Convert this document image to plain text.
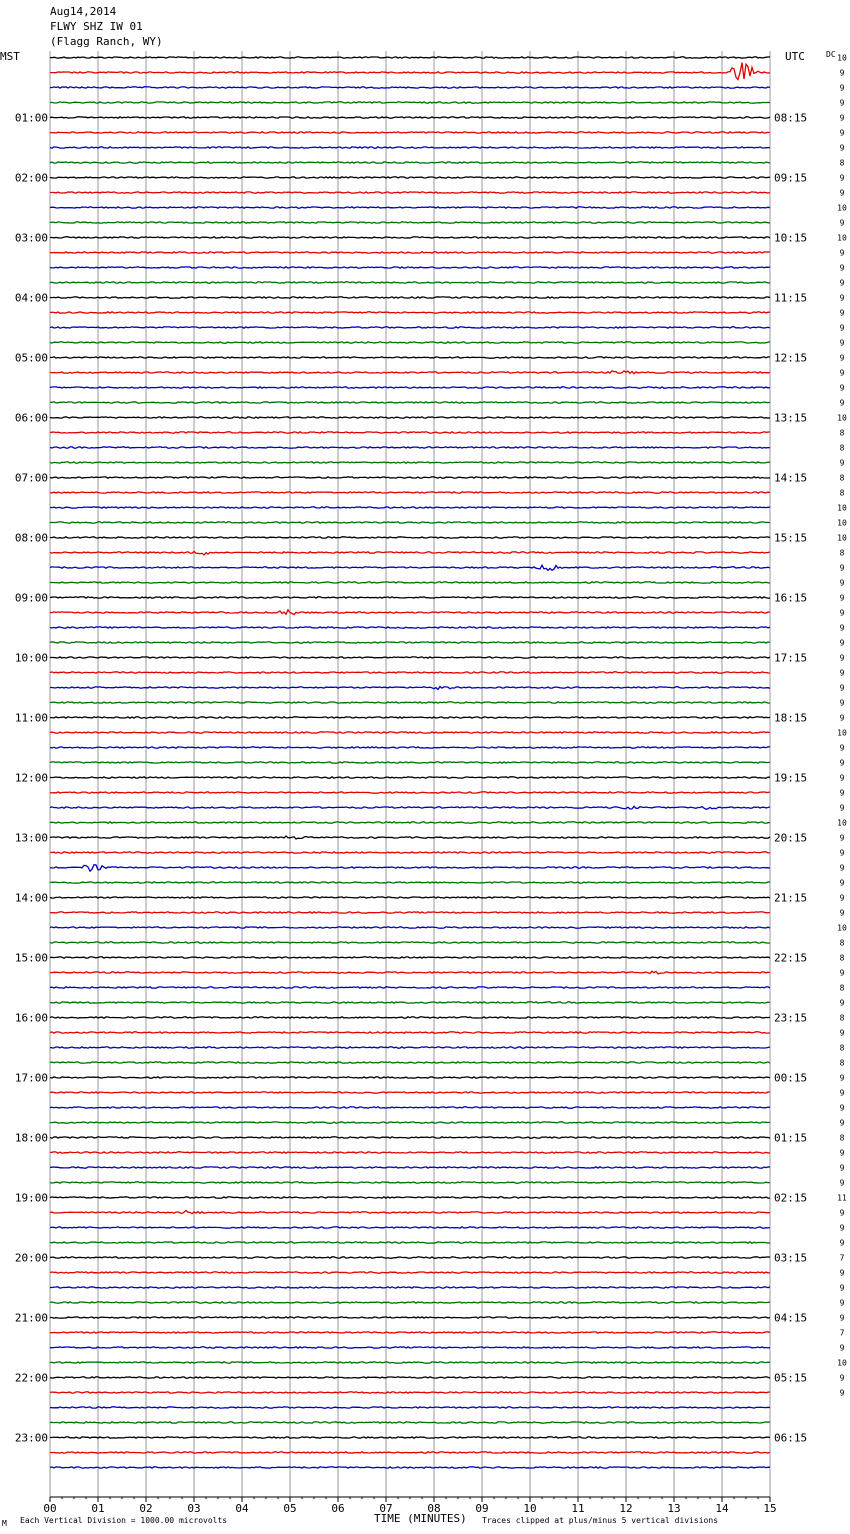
Aug14,2014
FLWY SHZ IW 01
(Flagg Ranch, WY)
MST	UTC	DC
00	01	02	03	04	05	06	07	08	09	10	11	12	13	14	15
01:00
02:00
03:00
04:00
05:00
06:00
07:00
08:00
09:00
10:00
11:00
12:00
13:00
14:00
15:00
16:00
17:00
18:00
19:00
20:00
21:00
22:00
23:00
08:15
09:15
10:15
11:15
12:15
13:15
14:15
15:15
16:15
17:15
18:15
19:15
20:15
21:15
22:15
23:15
00:15
01:15
02:15
03:15
04:15
05:15
06:15
10
9
9
9
9
9
9
8
9
9
10
9
10
9
9
9
9
9
9
9
9
9
9
9
10
8
8
9
8
8
10
10
10
8
9
9
9
9
9
9
9
9
9
9
9
10
9
9
9
9
9
10
9
9
9
9
9
9
10
8
8
9
8
9
8
9
8
8
9
9
9
9
8
9
9
9
11
9
9
9
7
9
9
9
9
7
9
10
9
9
M Each Vertical Division = 1000.00 microvolts	TIME (MINUTES) Traces clipped at plus/minus 5 vertical divisions
